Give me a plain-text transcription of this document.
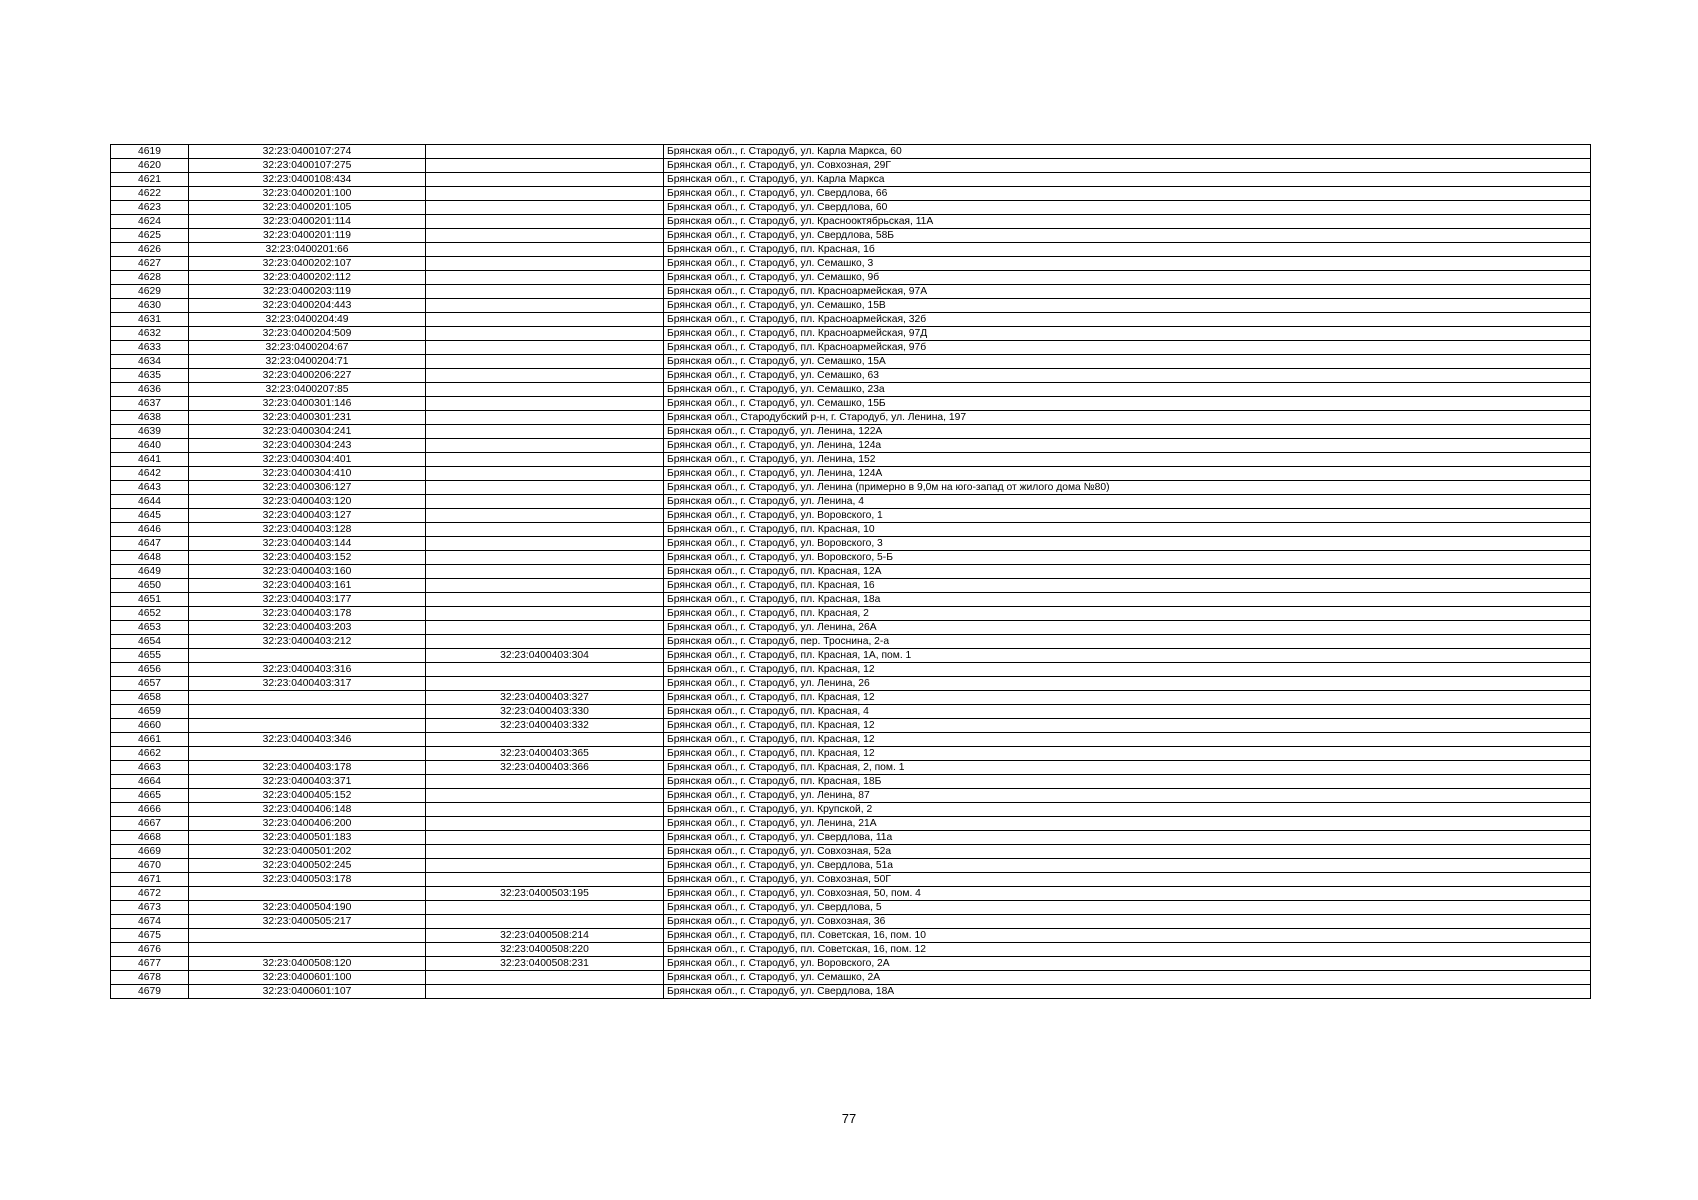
4619	32:23:0400107:274		Брянская обл., г. Стародуб, ул. Карла Маркса, 60
4620	32:23:0400107:275		Брянская обл., г. Стародуб, ул. Совхозная, 29Г
4621	32:23:0400108:434		Брянская обл., г. Стародуб, ул. Карла Маркса
4622	32:23:0400201:100		Брянская обл., г. Стародуб, ул. Свердлова, 66
4623	32:23:0400201:105		Брянская обл., г. Стародуб, ул. Свердлова, 60
4624	32:23:0400201:114		Брянская обл., г. Стародуб, ул. Краснооктябрьская, 11А
4625	32:23:0400201:119		Брянская обл., г. Стародуб, ул. Свердлова, 58Б
4626	32:23:0400201:66		Брянская обл., г. Стародуб, пл. Красная, 1б
4627	32:23:0400202:107		Брянская обл., г. Стародуб, ул. Семашко, 3
4628	32:23:0400202:112		Брянская обл., г. Стародуб, ул. Семашко, 9б
4629	32:23:0400203:119		Брянская обл., г. Стародуб, пл. Красноармейская, 97А
4630	32:23:0400204:443		Брянская обл., г. Стародуб, ул. Семашко, 15В
4631	32:23:0400204:49		Брянская обл., г. Стародуб, пл. Красноармейская, 32б
4632	32:23:0400204:509		Брянская обл., г. Стародуб, пл. Красноармейская, 97Д
4633	32:23:0400204:67		Брянская обл., г. Стародуб, пл. Красноармейская, 97б
4634	32:23:0400204:71		Брянская обл., г. Стародуб, ул. Семашко, 15А
4635	32:23:0400206:227		Брянская обл., г. Стародуб, ул. Семашко, 63
4636	32:23:0400207:85		Брянская обл., г. Стародуб, ул. Семашко, 23а
4637	32:23:0400301:146		Брянская обл., г. Стародуб, ул. Семашко, 15Б
4638	32:23:0400301:231		Брянская обл., Стародубский р-н, г. Стародуб, ул. Ленина, 197
4639	32:23:0400304:241		Брянская обл., г. Стародуб, ул. Ленина, 122А
4640	32:23:0400304:243		Брянская обл., г. Стародуб, ул. Ленина, 124а
4641	32:23:0400304:401		Брянская обл., г. Стародуб, ул. Ленина, 152
4642	32:23:0400304:410		Брянская обл., г. Стародуб, ул. Ленина, 124А
4643	32:23:0400306:127		Брянская обл., г. Стародуб, ул. Ленина (примерно в 9,0м на юго-запад от жилого дома №80)
4644	32:23:0400403:120		Брянская обл., г. Стародуб, ул. Ленина, 4
4645	32:23:0400403:127		Брянская обл., г. Стародуб, ул. Воровского, 1
4646	32:23:0400403:128		Брянская обл., г. Стародуб, пл. Красная, 10
4647	32:23:0400403:144		Брянская обл., г. Стародуб, ул. Воровского, 3
4648	32:23:0400403:152		Брянская обл., г. Стародуб, ул. Воровского, 5-Б
4649	32:23:0400403:160		Брянская обл., г. Стародуб, пл. Красная, 12А
4650	32:23:0400403:161		Брянская обл., г. Стародуб, пл. Красная, 16
4651	32:23:0400403:177		Брянская обл., г. Стародуб, пл. Красная, 18а
4652	32:23:0400403:178		Брянская обл., г. Стародуб, пл. Красная, 2
4653	32:23:0400403:203		Брянская обл., г. Стародуб, ул. Ленина, 26А
4654	32:23:0400403:212		Брянская обл., г. Стародуб, пер. Троснина, 2-а
4655		32:23:0400403:304	Брянская обл., г. Стародуб, пл. Красная, 1А, пом. 1
4656	32:23:0400403:316		Брянская обл., г. Стародуб, пл. Красная, 12
4657	32:23:0400403:317		Брянская обл., г. Стародуб, ул. Ленина, 26
4658		32:23:0400403:327	Брянская обл., г. Стародуб, пл. Красная, 12
4659		32:23:0400403:330	Брянская обл., г. Стародуб, пл. Красная, 4
4660		32:23:0400403:332	Брянская обл., г. Стародуб, пл. Красная, 12
4661	32:23:0400403:346		Брянская обл., г. Стародуб, пл. Красная, 12
4662		32:23:0400403:365	Брянская обл., г. Стародуб, пл. Красная, 12
4663	32:23:0400403:178	32:23:0400403:366	Брянская обл., г. Стародуб, пл. Красная, 2, пом. 1
4664	32:23:0400403:371		Брянская обл., г. Стародуб, пл. Красная, 18Б
4665	32:23:0400405:152		Брянская обл., г. Стародуб, ул. Ленина, 87
4666	32:23:0400406:148		Брянская обл., г. Стародуб, ул. Крупской, 2
4667	32:23:0400406:200		Брянская обл., г. Стародуб, ул. Ленина, 21А
4668	32:23:0400501:183		Брянская обл., г. Стародуб, ул. Свердлова, 11а
4669	32:23:0400501:202		Брянская обл., г. Стародуб, ул. Совхозная, 52а
4670	32:23:0400502:245		Брянская обл., г. Стародуб, ул. Свердлова, 51а
4671	32:23:0400503:178		Брянская обл., г. Стародуб, ул. Совхозная, 50Г
4672		32:23:0400503:195	Брянская обл., г. Стародуб, ул. Совхозная, 50, пом. 4
4673	32:23:0400504:190		Брянская обл., г. Стародуб, ул. Свердлова, 5
4674	32:23:0400505:217		Брянская обл., г. Стародуб, ул. Совхозная, 36
4675		32:23:0400508:214	Брянская обл., г. Стародуб, пл. Советская, 16, пом. 10
4676		32:23:0400508:220	Брянская обл., г. Стародуб, пл. Советская, 16, пом. 12
4677	32:23:0400508:120	32:23:0400508:231	Брянская обл., г. Стародуб, ул. Воровского, 2А
4678	32:23:0400601:100		Брянская обл., г. Стародуб, ул. Семашко, 2А
4679	32:23:0400601:107		Брянская обл., г. Стародуб, ул. Свердлова, 18А
77
